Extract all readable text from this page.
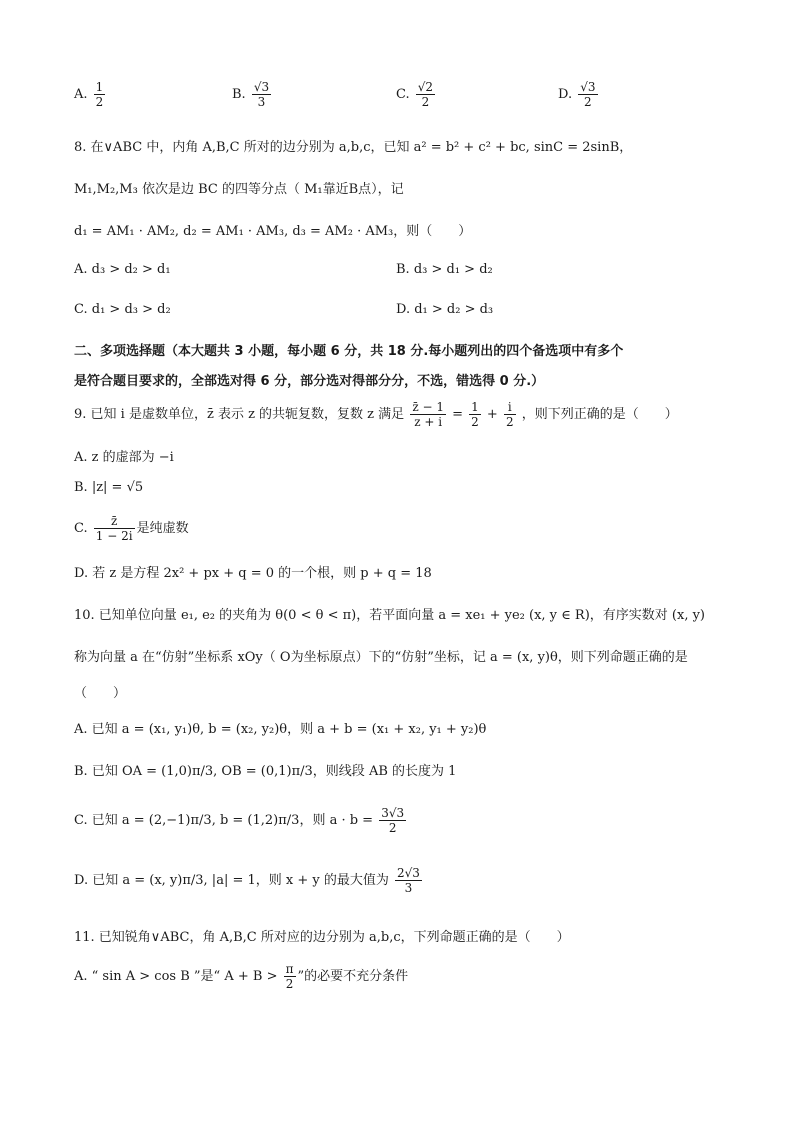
A. $\frac{1}{2}$	B. $\frac{√3}{3}$	C. $\frac{√2}{2}$	D. $\frac{√3}{2}$
8. 在∨ABC 中，内角 A,B,C 所对的边分别为 a,b,c，已知 a² = b² + c² + bc, sinC = 2sinB，
M₁,M₂,M₃ 依次是边 BC 的四等分点（ M₁靠近B点），记
d₁ = AM₁ · AM₂, d₂ = AM₁ · AM₃, d₃ = AM₂ · AM₃，则（　　）
A. d₃ > d₂ > d₁	B. d₃ > d₁ > d₂
C. d₁ > d₃ > d₂	D. d₁ > d₂ > d₃
二、多项选择题（本大题共 3 小题，每小题 6 分，共 18 分.每小题列出的四个备选项中有多个
是符合题目要求的，全部选对得 6 分，部分选对得部分分，不选，错选得 0 分.）
9. 已知 i 是虚数单位，z̄ 表示 z 的共轭复数，复数 z 满足 $\frac{z̄ - 1}{z + i} = \frac{1}{2} + \frac{i}{2}$ ，则下列正确的是（　　）
A. z 的虚部为 −i
B. |z| = √5
C. $\frac{z̄}{1 - 2i}$ 是纯虚数
D. 若 z 是方程 2x² + px + q = 0 的一个根，则 p + q = 18
10. 已知单位向量 e₁, e₂ 的夹角为 θ(0 < θ < π)，若平面向量 a = xe₁ + ye₂ (x, y ∈ R)，有序实数对 (x, y)
称为向量 a 在“仿射”坐标系 xOy（ O为坐标原点）下的“仿射”坐标，记 a = (x, y)θ，则下列命题正确的是
（　　）
A. 已知 a = (x₁, y₁)θ, b = (x₂, y₂)θ，则 a + b = (x₁ + x₂, y₁ + y₂)θ
B. 已知 OA = (1,0)π/3, OB = (0,1)π/3，则线段 AB 的长度为 1
C. 已知 a = (2,−1)π/3, b = (1,2)π/3，则 $a \cdot b = \frac{3√3}{2}$
D. 已知 a = (x, y)π/3, |a| = 1，则 x + y 的最大值为 $\frac{2√3}{3}$
11. 已知锐角∨ABC，角 A,B,C 所对应的边分别为 a,b,c，下列命题正确的是（　　）
A. “ sin A > cos B ”是“ $A + B > \frac{\pi}{2}$ ”的必要不充分条件
